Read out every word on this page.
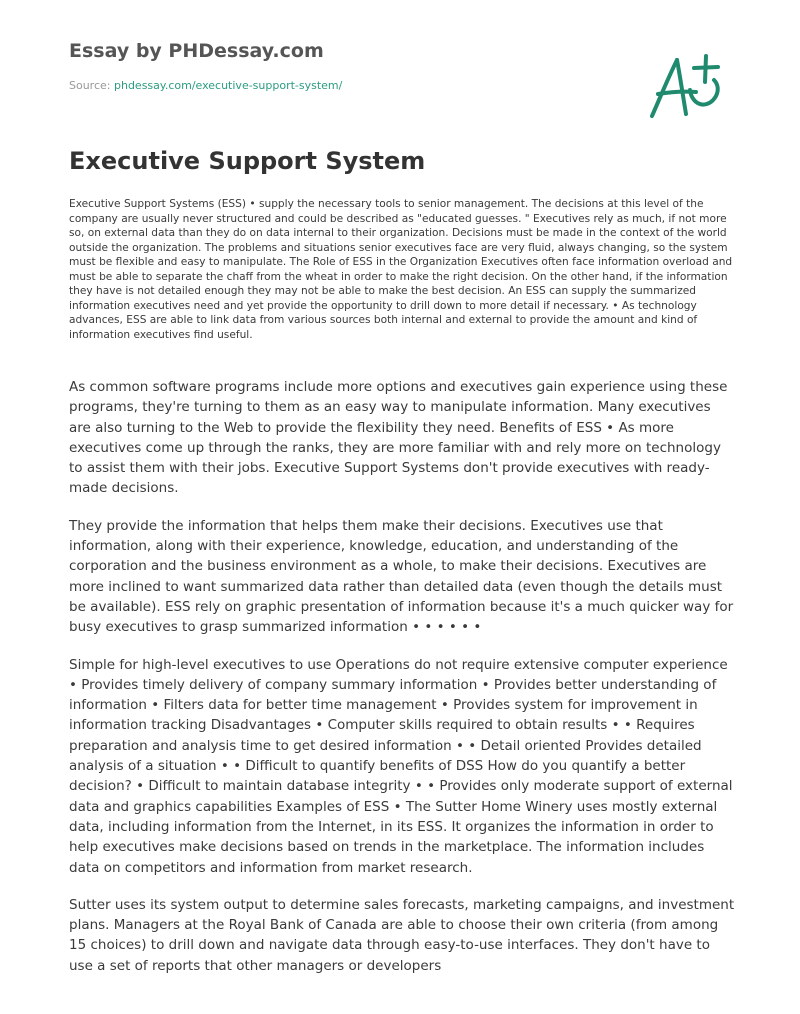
Essay by PHDessay.com
Source: phdessay.com/executive-support-system/
Executive Support System

Executive Support Systems (ESS) • supply the necessary tools to senior management. The decisions at this level of the company are usually never structured and could be described as "educated guesses. " Executives rely as much, if not more so, on external data than they do on data internal to their organization. Decisions must be made in the context of the world outside the organization. The problems and situations senior executives face are very fluid, always changing, so the system must be flexible and easy to manipulate. The Role of ESS in the Organization Executives often face information overload and must be able to separate the chaff from the wheat in order to make the right decision. On the other hand, if the information they have is not detailed enough they may not be able to make the best decision. An ESS can supply the summarized information executives need and yet provide the opportunity to drill down to more detail if necessary. • As technology advances, ESS are able to link data from various sources both internal and external to provide the amount and kind of information executives find useful.

As common software programs include more options and executives gain experience using these programs, they're turning to them as an easy way to manipulate information. Many executives are also turning to the Web to provide the flexibility they need. Benefits of ESS • As more executives come up through the ranks, they are more familiar with and rely more on technology to assist them with their jobs. Executive Support Systems don't provide executives with ready- made decisions.

They provide the information that helps them make their decisions. Executives use that information, along with their experience, knowledge, education, and understanding of the corporation and the business environment as a whole, to make their decisions. Executives are more inclined to want summarized data rather than detailed data (even though the details must be available). ESS rely on graphic presentation of information because it's a much quicker way for busy executives to grasp summarized information • • • • • •

Simple for high-level executives to use Operations do not require extensive computer experience • Provides timely delivery of company summary information • Provides better understanding of information • Filters data for better time management • Provides system for improvement in information tracking Disadvantages • Computer skills required to obtain results • • Requires preparation and analysis time to get desired information • • Detail oriented Provides detailed analysis of a situation • • Difficult to quantify benefits of DSS How do you quantify a better decision? • Difficult to maintain database integrity • • Provides only moderate support of external data and graphics capabilities Examples of ESS • The Sutter Home Winery uses mostly external data, including information from the Internet, in its ESS. It organizes the information in order to help executives make decisions based on trends in the marketplace. The information includes data on competitors and information from market research.

Sutter uses its system output to determine sales forecasts, marketing campaigns, and investment plans. Managers at the Royal Bank of Canada are able to choose their own criteria (from among 15 choices) to drill down and navigate data through easy-to-use interfaces. They don't have to use a set of reports that other managers or developers
